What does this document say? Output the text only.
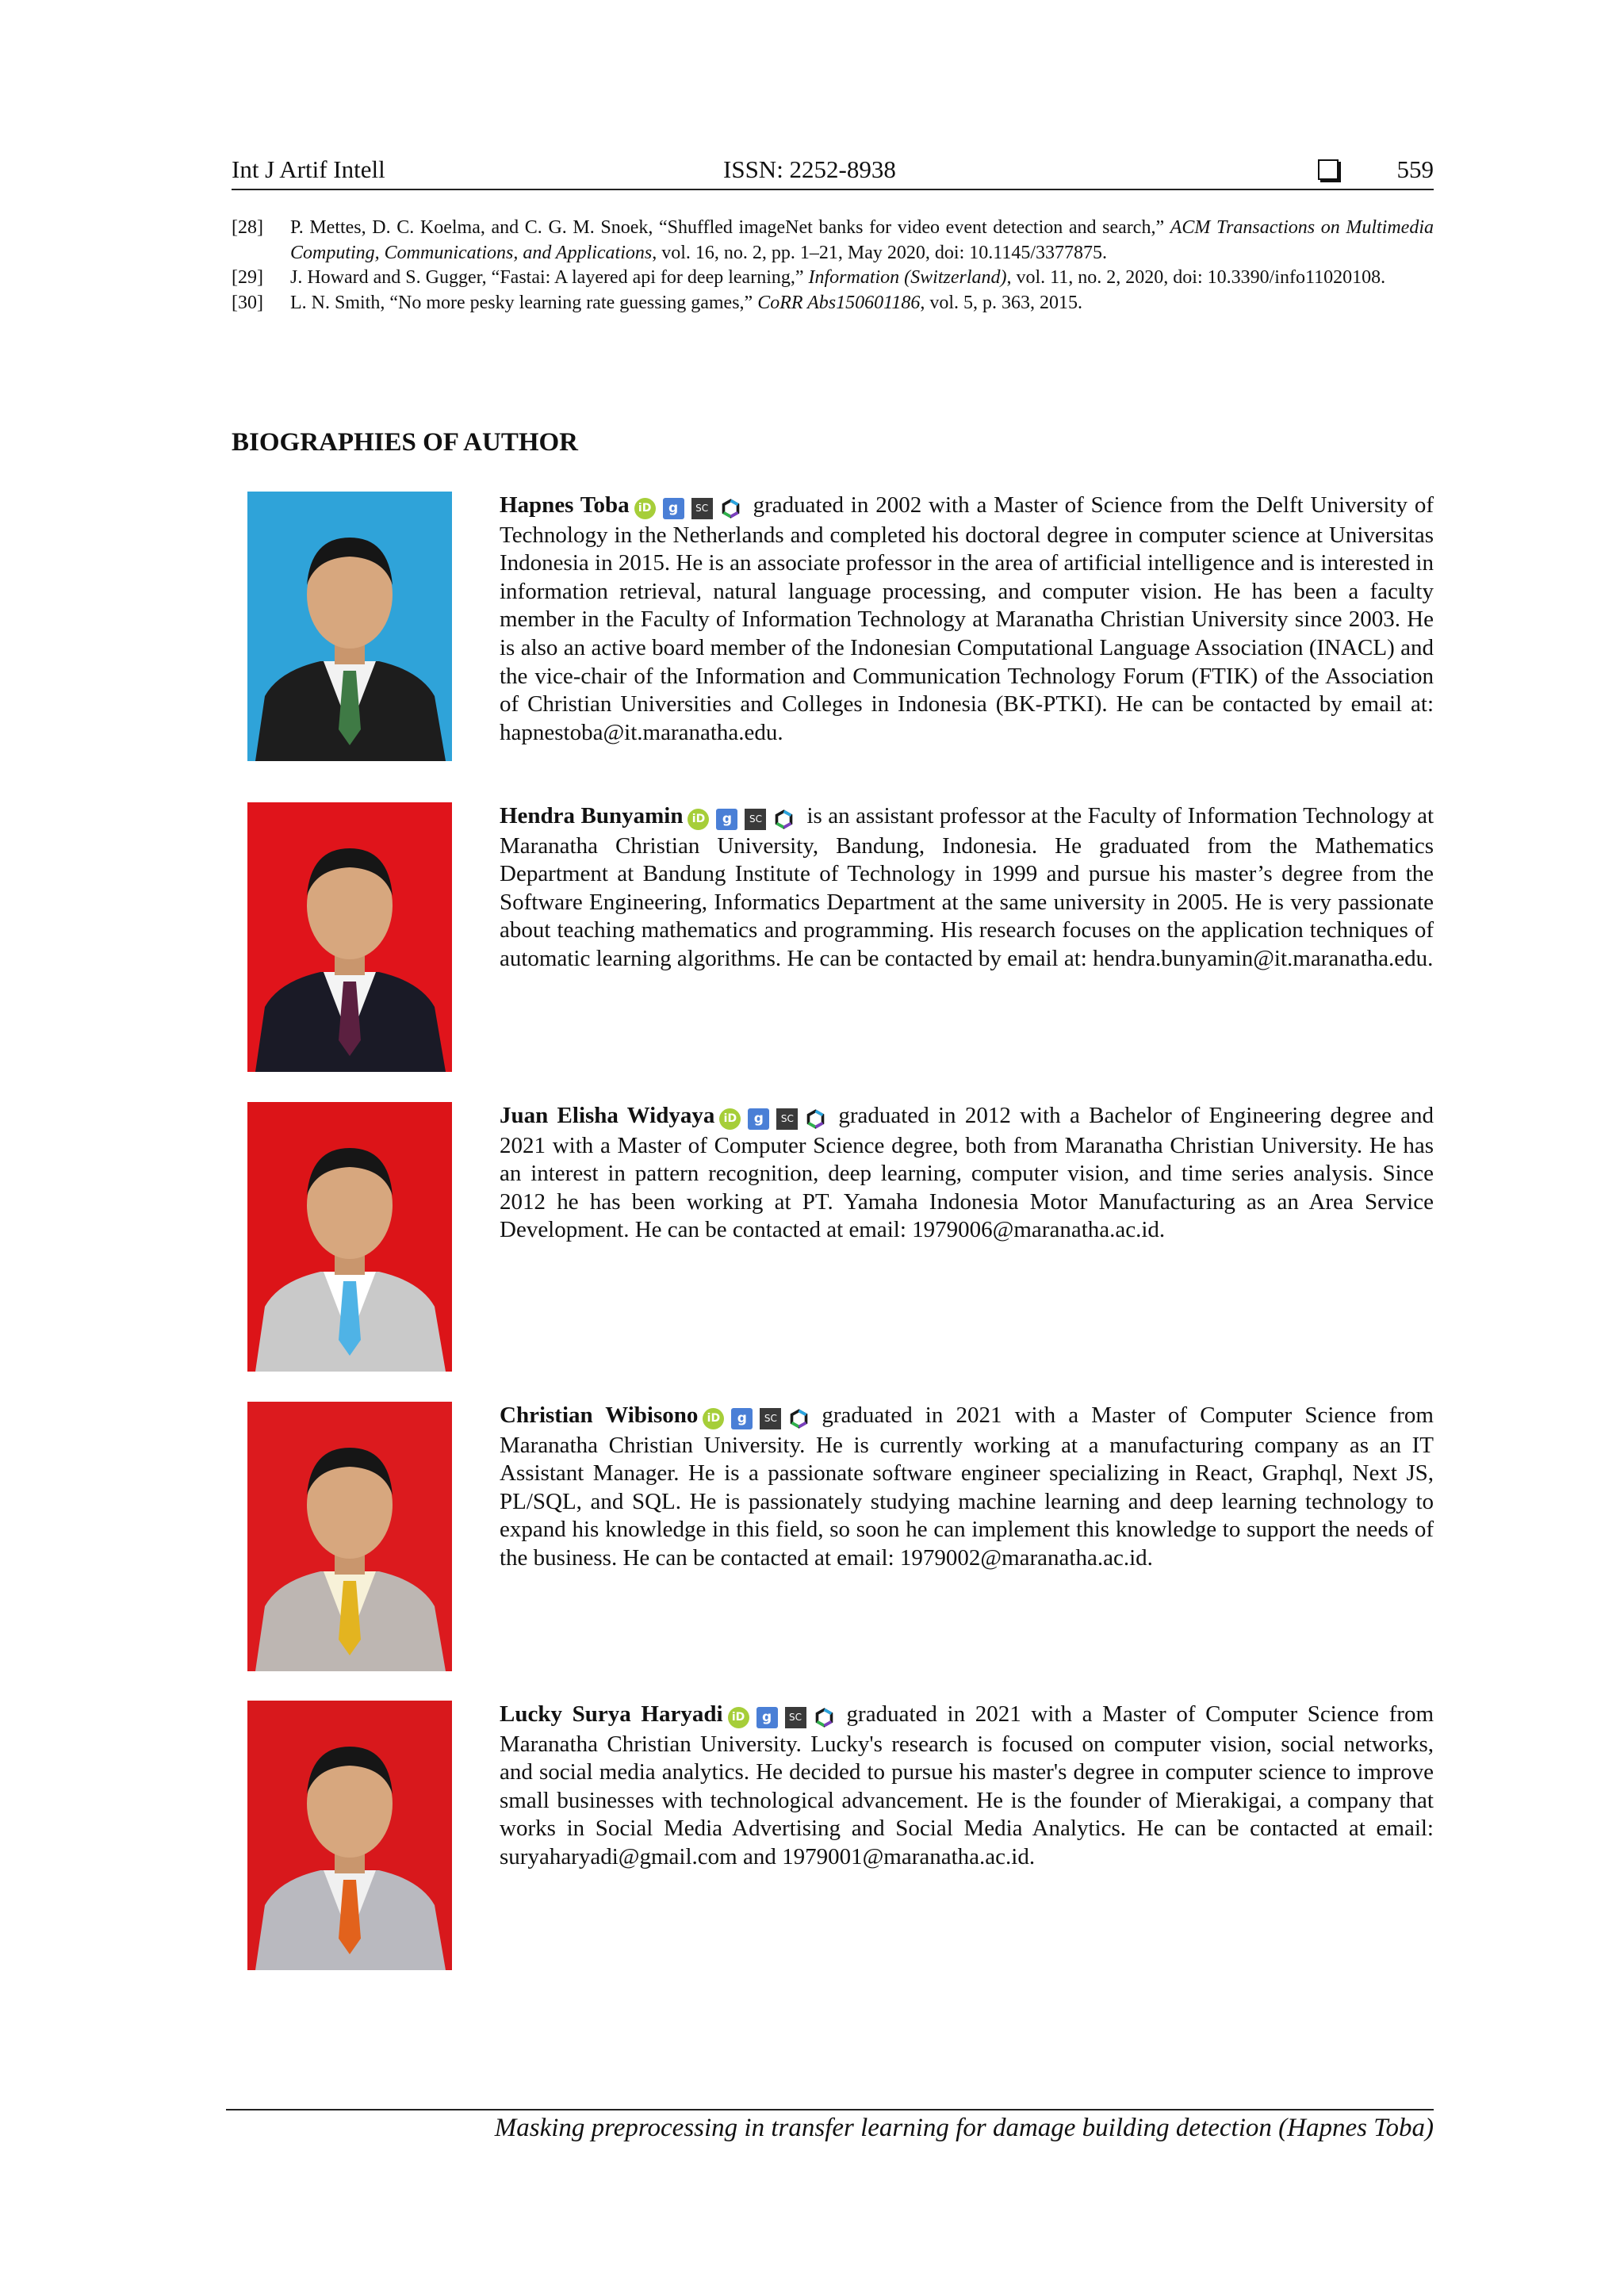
Int J Artif Intell	ISSN: 2252-8938	559
[28]	P. Mettes, D. C. Koelma, and C. G. M. Snoek, “Shuffled imageNet banks for video event detection and search,” ACM Transactions on Multimedia Computing, Communications, and Applications, vol. 16, no. 2, pp. 1–21, May 2020, doi: 10.1145/3377875.
[29]	J. Howard and S. Gugger, “Fastai: A layered api for deep learning,” Information (Switzerland), vol. 11, no. 2, 2020, doi: 10.3390/info11020108.
[30]	L. N. Smith, “No more pesky learning rate guessing games,” CoRR Abs150601186, vol. 5, p. 363, 2015.
BIOGRAPHIES OF AUTHOR
Hapnes Toba iD g SC graduated in 2002 with a Master of Science from the Delft University of Technology in the Netherlands and completed his doctoral degree in computer science at Universitas Indonesia in 2015. He is an associate professor in the area of artificial intelligence and is interested in information retrieval, natural language processing, and computer vision. He has been a faculty member in the Faculty of Information Technology at Maranatha Christian University since 2003. He is also an active board member of the Indonesian Computational Language Association (INACL) and the vice-chair of the Information and Communication Technology Forum (FTIK) of the Association of Christian Universities and Colleges in Indonesia (BK-PTKI). He can be contacted by email at: hapnestoba@it.maranatha.edu.
Hendra Bunyamin iD g SC is an assistant professor at the Faculty of Information Technology at Maranatha Christian University, Bandung, Indonesia. He graduated from the Mathematics Department at Bandung Institute of Technology in 1999 and pursue his master’s degree from the Software Engineering, Informatics Department at the same university in 2005. He is very passionate about teaching mathematics and programming. His research focuses on the application techniques of automatic learning algorithms. He can be contacted by email at: hendra.bunyamin@it.maranatha.edu.
Juan Elisha Widyaya iD g SC graduated in 2012 with a Bachelor of Engineering degree and 2021 with a Master of Computer Science degree, both from Maranatha Christian University. He has an interest in pattern recognition, deep learning, computer vision, and time series analysis. Since 2012 he has been working at PT. Yamaha Indonesia Motor Manufacturing as an Area Service Development. He can be contacted at email: 1979006@maranatha.ac.id.
Christian Wibisono iD g SC graduated in 2021 with a Master of Computer Science from Maranatha Christian University. He is currently working at a manufacturing company as an IT Assistant Manager. He is a passionate software engineer specializing in React, Graphql, Next JS, PL/SQL, and SQL. He is passionately studying machine learning and deep learning technology to expand his knowledge in this field, so soon he can implement this knowledge to support the needs of the business. He can be contacted at email: 1979002@maranatha.ac.id.
Lucky Surya Haryadi iD g SC graduated in 2021 with a Master of Computer Science from Maranatha Christian University. Lucky's research is focused on computer vision, social networks, and social media analytics. He decided to pursue his master's degree in computer science to improve small businesses with technological advancement. He is the founder of Mierakigai, a company that works in Social Media Advertising and Social Media Analytics. He can be contacted at email: suryaharyadi@gmail.com and 1979001@maranatha.ac.id.
Masking preprocessing in transfer learning for damage building detection (Hapnes Toba)
